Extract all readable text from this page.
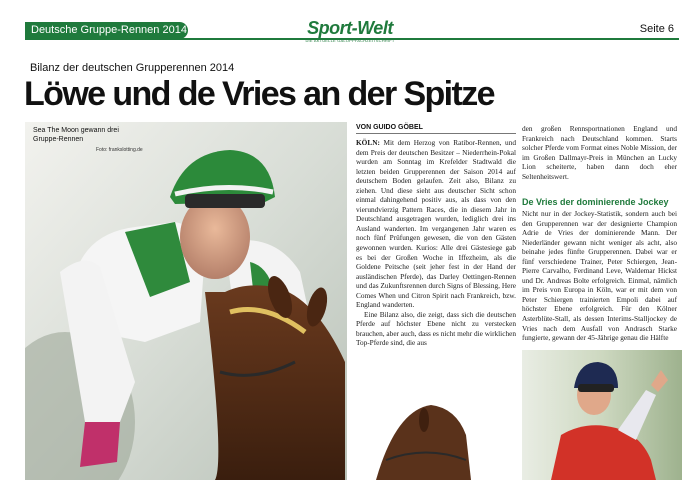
Deutsche Gruppe-Rennen 2014	Sport-Welt
DIE AKTUELLE GALOPPFACHZEITSCHRIFT
Seite 6
Bilanz der deutschen Grupperennen 2014
Löwe und de Vries an der Spitze
Sea The Moon gewann drei Gruppe-Rennen
Foto: frankslotting.de
VON GUIDO GÖBEL

KÖLN: Mit dem Herzog von Ratibor-Rennen, und dem Preis der deutschen Besitzer – Niederrhein-Pokal wurden am Sonntag im Krefelder Stadtwald die letzten beiden Grupperennen der Saison 2014 auf deutschem Boden gelaufen. Zeit also, Bilanz zu ziehen. Und diese sieht aus deutscher Sicht schon einmal dahingehend positiv aus, als dass von den vierundvierzig Pattern Races, die in diesem Jahr in Deutschland ausgetragen wurden, lediglich drei ins Ausland wanderten. Im vergangenen Jahr waren es noch fünf Prüfungen gewesen, die von den Gästen gewonnen wurden. Kurios: Alle drei Gästesiege gab es bei der Großen Woche in Iffezheim, als die Goldene Peitsche (seit jeher fest in der Hand der ausländischen Pferde), das Darley Oettingen-Rennen und das Zukunftsrennen durch Signs of Blessing, Here Comes When und Citron Spirit nach Frankreich, bzw. England wanderten.

Eine Bilanz also, die zeigt, dass sich die deutschen Pferde auf höchster Ebene nicht zu verstecken brauchen, aber auch, dass es nicht mehr die wirklichen Top-Pferde sind, die aus

den großen Rennsportnationen England und Frankreich nach Deutschland kommen. Starts solcher Pferde vom Format eines Noble Mission, der im Großen Dallmayr-Preis in München an Lucky Lion scheiterte, haben dann doch eher Seltenheitswert.

De Vries der dominierende Jockey

Nicht nur in der Jockey-Statistik, sondern auch bei den Grupperennen war der designierte Champion Adrie de Vries der dominierende Mann. Der Niederländer gewann nicht weniger als acht, also beinahe jedes fünfte Grupperennen. Dabei war er fünf verschiedene Trainer, Peter Schiergen, Jean-Pierre Carvalho, Ferdinand Leve, Waldemar Hickst und Dr. Andreas Bolte erfolgreich. Einmal, nämlich im Preis von Europa in Köln, war er mit dem von Peter Schiergen trainierten Empoli dabei auf höchster Ebene erfolgreich. Für den Kölner Asterblüte-Stall, als dessen Interims-Stalljockey de Vries nach dem Ausfall von Andrasch Starke fungierte, gewann der 45-Jährige genau die Hälfte
